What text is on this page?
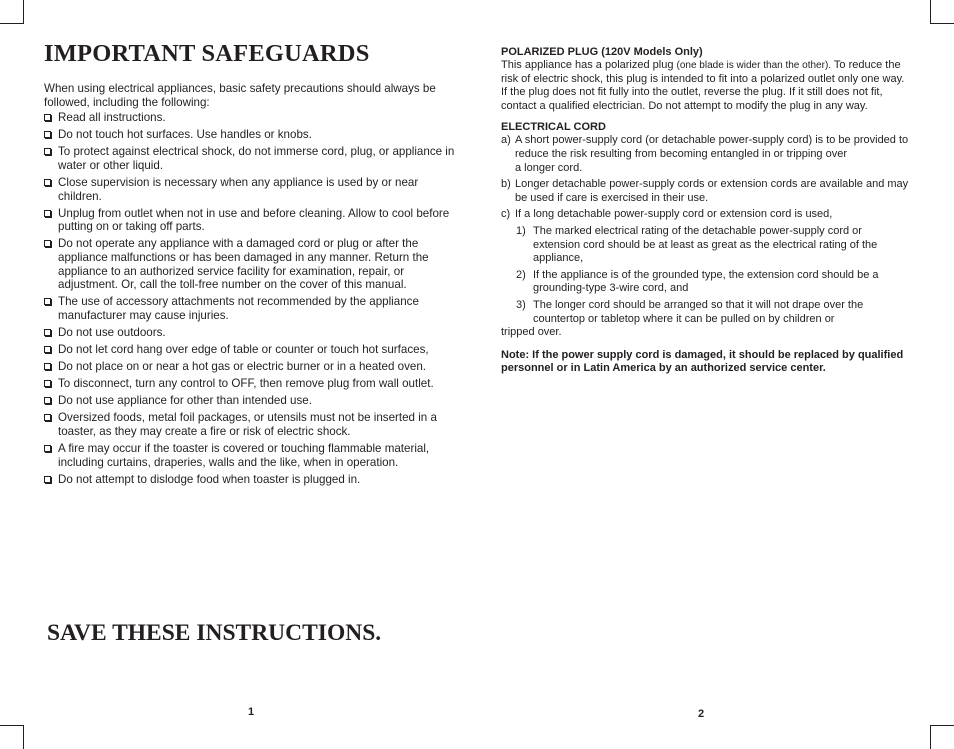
IMPORTANT SAFEGUARDS

When using electrical appliances, basic safety precautions should always be followed, including the following:

Read all instructions.
Do not touch hot surfaces. Use handles or knobs.
To protect against electrical shock, do not immerse cord, plug, or appliance in water or other liquid.
Close supervision is necessary when any appliance is used by or near children.
Unplug from outlet when not in use and before cleaning. Allow to cool before putting on or taking off parts.
Do not operate any appliance with a damaged cord or plug or after the appliance malfunctions or has been damaged in any manner. Return the appliance to an authorized service facility for examination, repair, or adjustment. Or, call the toll-free number on the cover of this manual.
The use of accessory attachments not recommended by the appliance manufacturer may cause injuries.
Do not use outdoors.
Do not let cord hang over edge of table or counter or touch hot surfaces,
Do not place on or near a hot gas or electric burner or in a heated oven.
To disconnect, turn any control to OFF, then remove plug from wall outlet.
Do not use appliance for other than intended use.
Oversized foods, metal foil packages, or utensils must not be inserted in a toaster, as they may create a fire or risk of electric shock.
A fire may occur if the toaster is covered or touching flammable material, including curtains, draperies, walls and the like, when in operation.
Do not attempt to dislodge food when toaster is plugged in.
SAVE THESE INSTRUCTIONS.
1

POLARIZED PLUG (120V Models Only)

This appliance has a polarized plug (one blade is wider than the other). To reduce the risk of electric shock, this plug is intended to fit into a polarized outlet only one way. If the plug does not fit fully into the outlet, reverse the plug. If it still does not fit, contact a qualified electrician. Do not attempt to modify the plug in any way.

ELECTRICAL CORD

a) A short power-supply cord (or detachable power-supply cord) is to be provided to reduce the risk resulting from becoming entangled in or tripping over
a longer cord.
b) Longer detachable power-supply cords or extension cords are available and may be used if care is exercised in their use.
c) If a long detachable power-supply cord or extension cord is used,
1) The marked electrical rating of the detachable power-supply cord or extension cord should be at least as great as the electrical rating of the appliance,
2) If the appliance is of the grounded type, the extension cord should be a grounding-type 3-wire cord, and
3) The longer cord should be arranged so that it will not drape over the countertop or tabletop where it can be pulled on by children or
tripped over.

Note: If the power supply cord is damaged, it should be replaced by qualified personnel or in Latin America by an authorized service center.

2
